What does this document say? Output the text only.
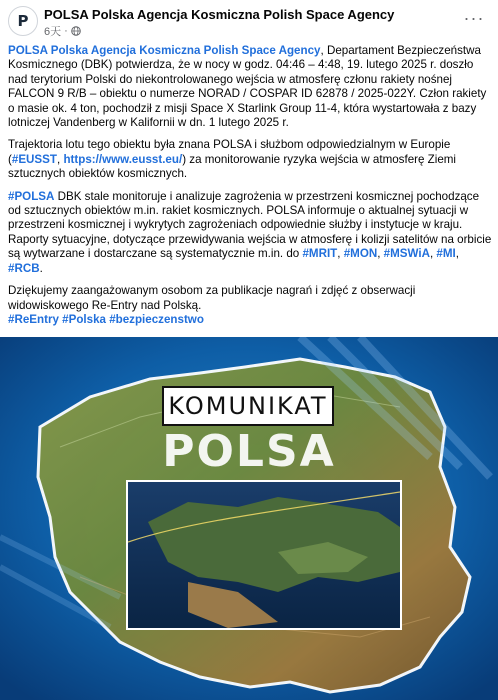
P POLSA Polska Agencja Kosmiczna Polish Space Agency
6天 ·
···

POLSA Polska Agencja Kosmiczna Polish Space Agency, Departament Bezpieczeństwa Kosmicznego (DBK) potwierdza, że w nocy w godz. 04:46 – 4:48, 19. lutego 2025 r. doszło nad terytorium Polski do niekontrolowanego wejścia w atmosferę członu rakiety nośnej FALCON 9 R/B – obiektu o numerze NORAD / COSPAR ID 62878 / 2025-022Y. Człon rakiety o masie ok. 4 ton, pochodził z misji Space X Starlink Group 11-4, która wystartowała z bazy lotniczej Vandenberg w Kalifornii w dn. 1 lutego 2025 r.

Trajektoria lotu tego obiektu była znana POLSA i służbom odpowiedzialnym w Europie (#EUSST, https://www.eusst.eu/) za monitorowanie ryzyka wejścia w atmosferę Ziemi sztucznych obiektów kosmicznych.

#POLSA DBK stale monitoruje i analizuje zagrożenia w przestrzeni kosmicznej pochodzące od sztucznych obiektów m.in. rakiet kosmicznych. POLSA informuje o aktualnej sytuacji w przestrzeni kosmicznej i wykrytych zagrożeniach odpowiednie służby i instytucje w kraju. Raporty sytuacyjne, dotyczące przewidywania wejścia w atmosferę i kolizji satelitów na orbicie są wytwarzane i dostarczane są systematycznie m.in. do #MRIT, #MON, #MSWiA, #MI, #RCB.

Dziękujemy zaangażowanym osobom za publikacje nagrań i zdjęć z obserwacji widowiskowego Re-Entry nad Polską.
#ReEntry #Polska #bezpieczenstwo

KOMUNIKAT
POLSA
